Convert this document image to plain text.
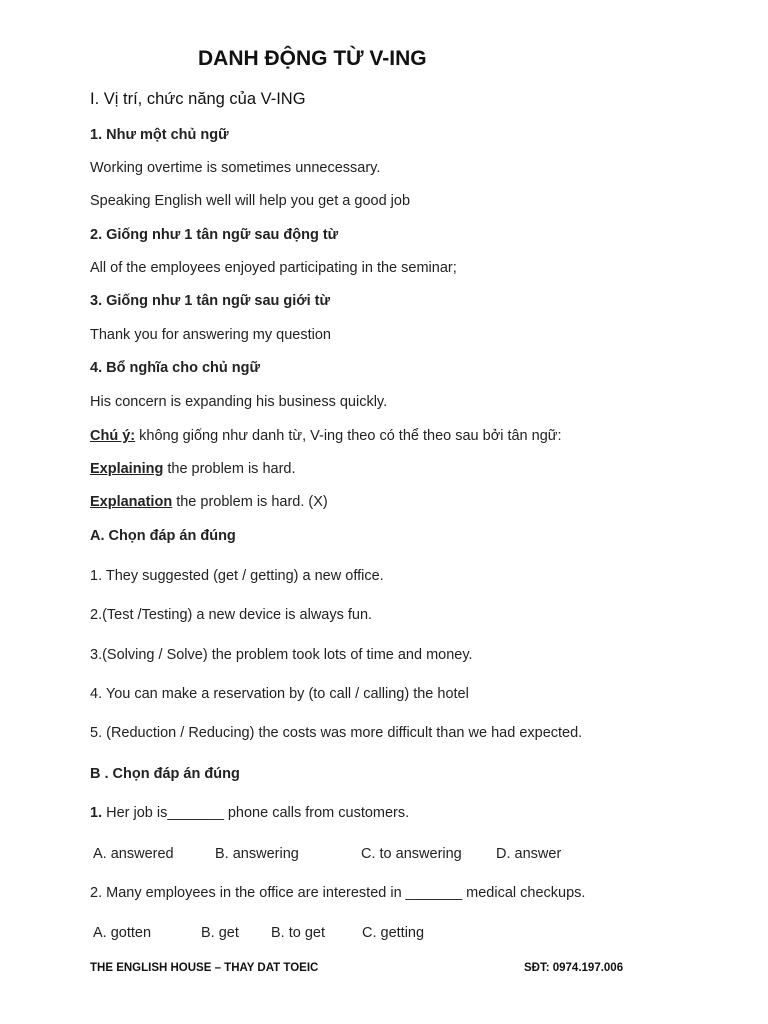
DANH ĐỘNG TỪ V-ING
I. Vị trí, chức năng của V-ING
1. Như một chủ ngữ
Working overtime is sometimes unnecessary.
Speaking English well will help you get a good job
2. Giống như 1 tân ngữ sau động từ
All of the employees enjoyed participating in the seminar;
3. Giống như 1 tân ngữ sau giới từ
Thank you for answering my question
4. Bổ nghĩa cho chủ ngữ
His concern is expanding his business quickly.
Chú ý: không giống như danh từ, V-ing theo có thể theo sau bởi tân ngữ:
Explaining the problem is hard.
Explanation the problem is hard. (X)
A. Chọn đáp án đúng
1. They suggested (get / getting) a new office.
2.(Test /Testing) a new device is always fun.
3.(Solving / Solve) the problem took lots of time and money.
4. You can make a reservation by (to call / calling) the hotel
5. (Reduction / Reducing) the costs was more difficult than we had expected.
B . Chọn đáp án đúng
1. Her job is_______ phone calls from customers.
A. answered	B. answering	C. to answering D. answer
2. Many employees in the office are interested in _______ medical checkups.
A. gotten	B. get B. to get	C. getting
THE ENGLISH HOUSE – THAY DAT TOEIC	SĐT: 0974.197.006
